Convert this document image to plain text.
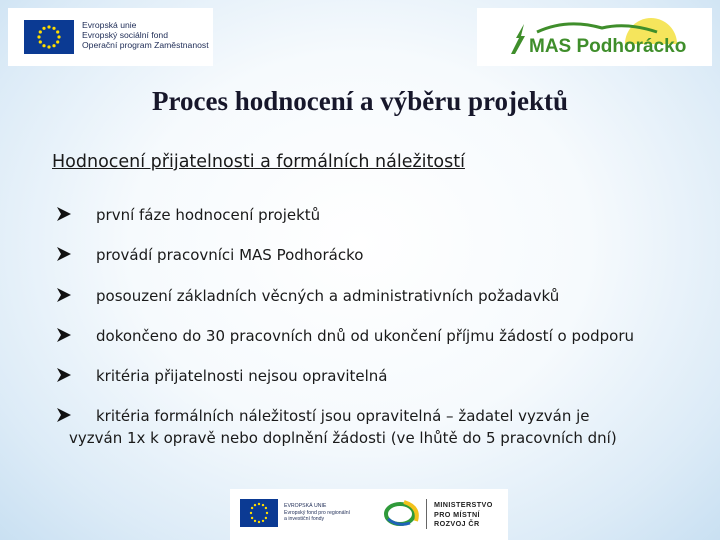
Evropská unie
Evropský sociální fond
Operační program Zaměstnanost	MAS Podhorácko
Proces hodnocení a výběru projektů
Hodnocení přijatelnosti a formálních náležitostí
první fáze hodnocení projektů
provádí pracovníci MAS Podhorácko
posouzení základních věcných a administrativních požadavků
dokončeno do 30 pracovních dnů od ukončení příjmu žádostí o podporu
kritéria přijatelnosti nejsou opravitelná
kritéria formálních náležitostí jsou opravitelná – žadatel vyzván je
vyzván 1x k opravě nebo doplnění žádosti (ve lhůtě do 5 pracovních dní)
EVROPSKÁ UNIE
Evropský fond pro regionální
a investiční fondy
MINISTERSTVO
PRO MÍSTNÍ
ROZVOJ ČR
